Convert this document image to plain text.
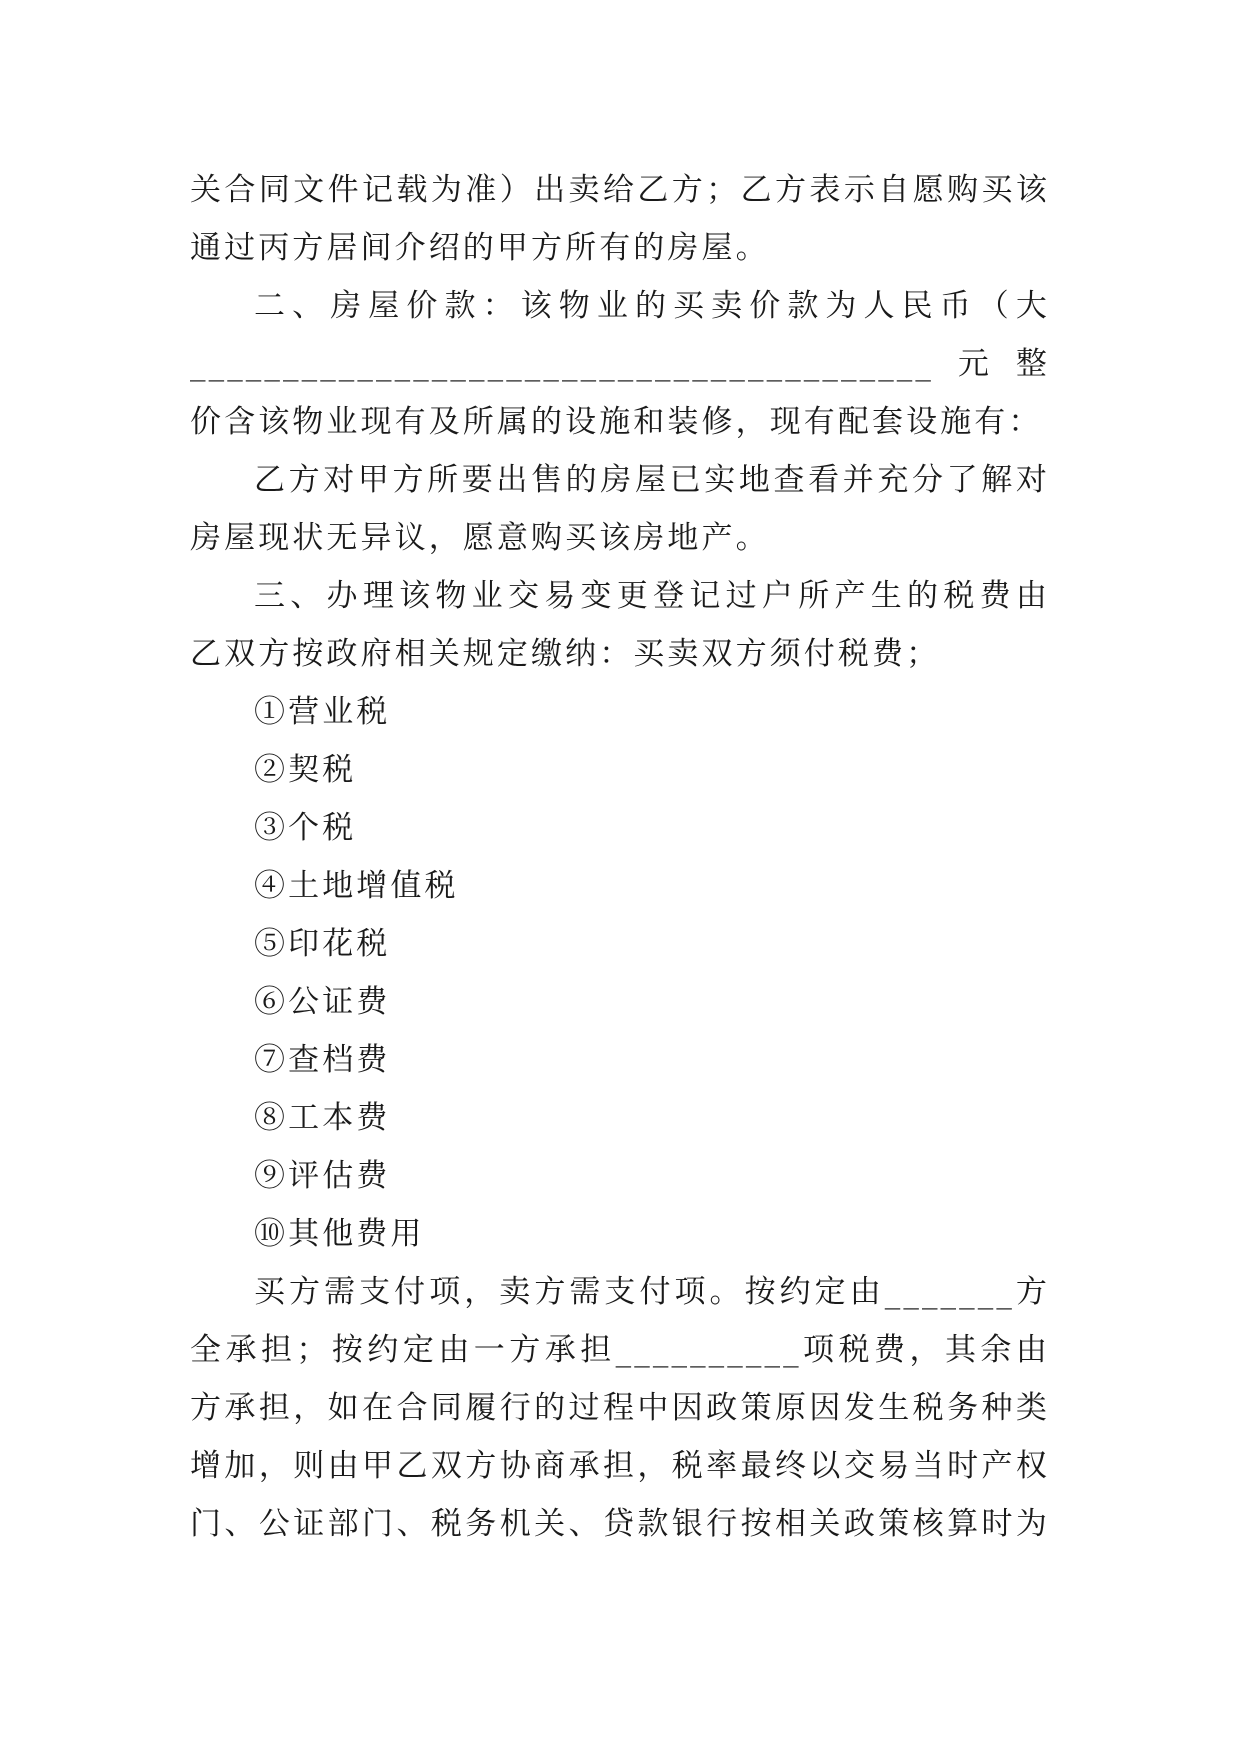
关合同文件记载为准）出卖给乙方；乙方表示自愿购买该
通过丙方居间介绍的甲方所有的房屋。
二、房屋价款：该物业的买卖价款为人民币（大
________________________________________元整
价含该物业现有及所属的设施和装修，现有配套设施有：
乙方对甲方所要出售的房屋已实地查看并充分了解对
房屋现状无异议，愿意购买该房地产。
三、办理该物业交易变更登记过户所产生的税费由
乙双方按政府相关规定缴纳：买卖双方须付税费；
①营业税
②契税
③个税
④土地增值税
⑤印花税
⑥公证费
⑦查档费
⑧工本费
⑨评估费
⑩其他费用
买方需支付项，卖方需支付项。按约定由_______方
全承担；按约定由一方承担__________项税费，其余由
方承担，如在合同履行的过程中因政策原因发生税务种类
增加，则由甲乙双方协商承担，税率最终以交易当时产权
门、公证部门、税务机关、贷款银行按相关政策核算时为
